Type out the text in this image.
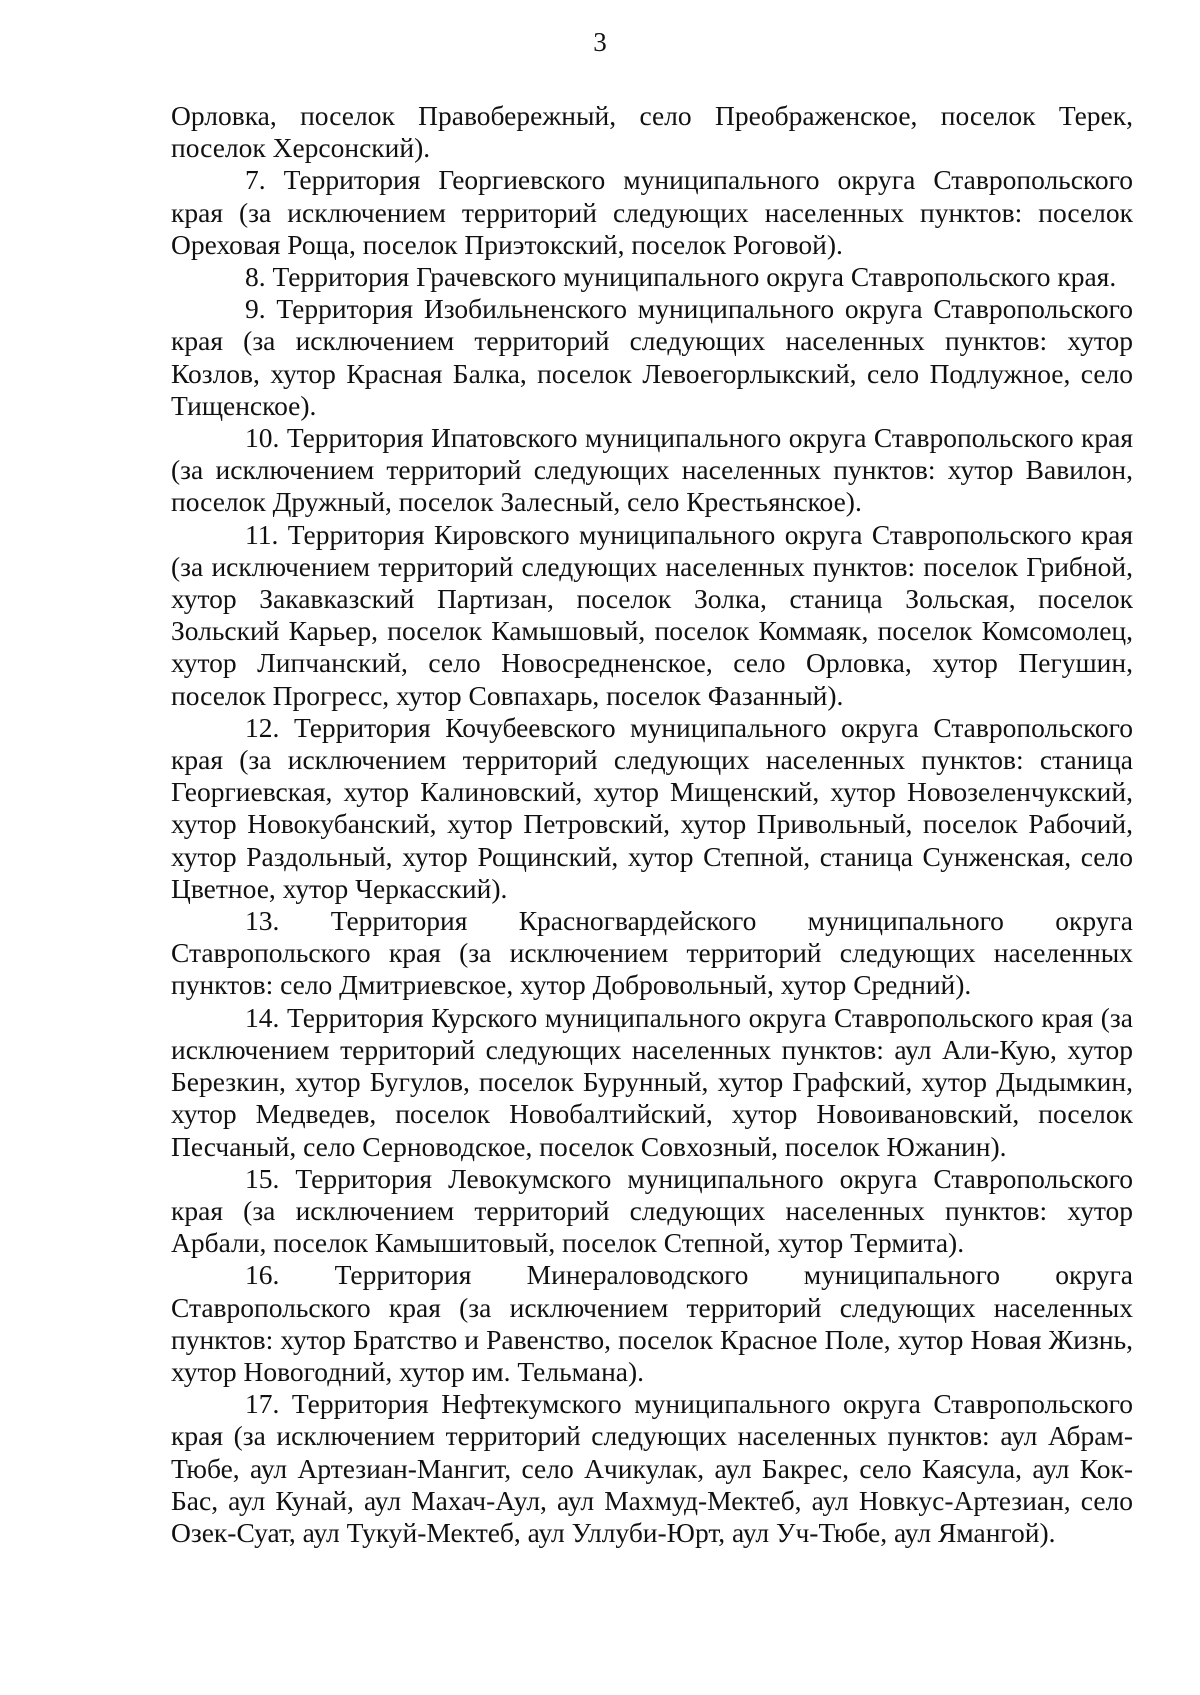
3

Орловка, поселок Правобережный, село Преображенское, поселок Терек, поселок Херсонский).

7. Территория Георгиевского муниципального округа Ставропольского края (за исключением территорий следующих населенных пунктов: поселок Ореховая Роща, поселок Приэтокский, поселок Роговой).

8. Территория Грачевского муниципального округа Ставропольского края.

9. Территория Изобильненского муниципального округа Ставропольского края (за исключением территорий следующих населенных пунктов: хутор Козлов, хутор Красная Балка, поселок Левоегорлыкский, село Подлужное, село Тищенское).

10. Территория Ипатовского муниципального округа Ставропольского края (за исключением территорий следующих населенных пунктов: хутор Вавилон, поселок Дружный, поселок Залесный, село Крестьянское).

11. Территория Кировского муниципального округа Ставропольского края (за исключением территорий следующих населенных пунктов: поселок Грибной, хутор Закавказский Партизан, поселок Золка, станица Зольская, поселок Зольский Карьер, поселок Камышовый, поселок Коммаяк, поселок Комсомолец, хутор Липчанский, село Новосредненское, село Орловка, хутор Пегушин, поселок Прогресс, хутор Совпахарь, поселок Фазанный).

12. Территория Кочубеевского муниципального округа Ставропольского края (за исключением территорий следующих населенных пунктов: станица Георгиевская, хутор Калиновский, хутор Мищенский, хутор Новозеленчукский, хутор Новокубанский, хутор Петровский, хутор Привольный, поселок Рабочий, хутор Раздольный, хутор Рощинский, хутор Степной, станица Сунженская, село Цветное, хутор Черкасский).

13. Территория Красногвардейского муниципального округа Ставропольского края (за исключением территорий следующих населенных пунктов: село Дмитриевское, хутор Добровольный, хутор Средний).

14. Территория Курского муниципального округа Ставропольского края (за исключением территорий следующих населенных пунктов: аул Али-Кую, хутор Березкин, хутор Бугулов, поселок Бурунный, хутор Графский, хутор Дыдымкин, хутор Медведев, поселок Новобалтийский, хутор Новоивановский, поселок Песчаный, село Серноводское, поселок Совхозный, поселок Южанин).

15. Территория Левокумского муниципального округа Ставропольского края (за исключением территорий следующих населенных пунктов: хутор Арбали, поселок Камышитовый, поселок Степной, хутор Термита).

16. Территория Минераловодского муниципального округа Ставропольского края (за исключением территорий следующих населенных пунктов: хутор Братство и Равенство, поселок Красное Поле, хутор Новая Жизнь, хутор Новогодний, хутор им. Тельмана).

17. Территория Нефтекумского муниципального округа Ставропольского края (за исключением территорий следующих населенных пунктов: аул Абрам-Тюбе, аул Артезиан-Мангит, село Ачикулак, аул Бакрес, село Каясула, аул Кок-Бас, аул Кунай, аул Махач-Аул, аул Махмуд-Мектеб, аул Новкус-Артезиан, село Озек-Суат, аул Тукуй-Мектеб, аул Уллуби-Юрт, аул Уч-Тюбе, аул Ямангой).
